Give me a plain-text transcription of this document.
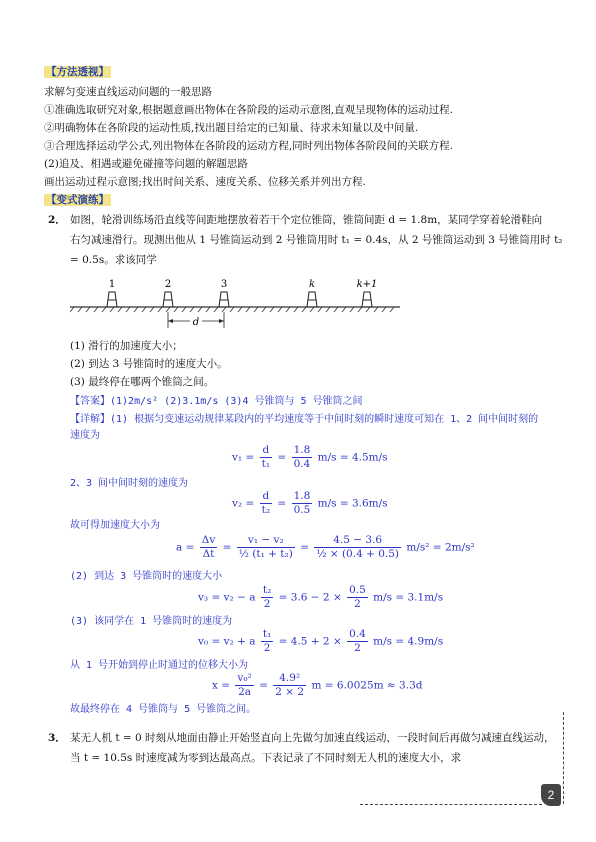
【方法透视】
求解匀变速直线运动问题的一般思路
①准确选取研究对象,根据题意画出物体在各阶段的运动示意图,直观呈现物体的运动过程.
②明确物体在各阶段的运动性质,找出题目给定的已知量、待求未知量以及中间量.
③合理选择运动学公式,列出物体在各阶段的运动方程,同时列出物体各阶段间的关联方程.
(2)追及、相遇或避免碰撞等问题的解题思路
画出运动过程示意图;找出时间关系、速度关系、位移关系并列出方程.
【变式演练】
2． 如图，轮滑训练场沿直线等间距地摆放着若干个定位锥筒，锥筒间距 d = 1.8m，某同学穿着轮滑鞋向
右匀减速滑行。现测出他从 1 号锥筒运动到 2 号锥筒用时 t₁ = 0.4s，从 2 号锥筒运动到 3 号锥筒用时 t₂
= 0.5s。求该同学
1	2	3	k	k+1
d
(1) 滑行的加速度大小；
(2) 到达 3 号锥筒时的速度大小。
(3) 最终停在哪两个锥筒之间。
【答案】(1)2m/s² (2)3.1m/s (3)4 号锥筒与 5 号锥筒之间
【详解】(1) 根据匀变速运动规律某段内的平均速度等于中间时刻的瞬时速度可知在 1、2 间中间时刻的
速度为
$v_1 = \frac{d}{\text{t₁}} = \frac{1.8}{0.4} m/s = 4.5m/s$
2、3 间中间时刻的速度为
$v_2 = \frac{d}{\text{t₂}} = \frac{1.8}{0.5} m/s = 3.6m/s$
故可得加速度大小为
$a = \frac{\Delta v}{\Delta t} = \frac{\text{v₁ − v₂}}{\text{½ (t₁ + t₂)}} = \frac{4.5 - 3.6}{\text{½ × (0.4 + 0.5)}} m/s^2 = 2m/s^2$
(2) 到达 3 号锥筒时的速度大小
v₃ = v₂ − a $\frac{\text{t₂}}{2} = 3.6 - 2 \times \frac{0.5}{2} m/s = 3.1m/s$
(3) 该同学在 1 号锥筒时的速度为
v₀ = v₂ + a $\frac{\text{t₁}}{2} = 4.5 + 2 \times \frac{0.4}{2} m/s = 4.9m/s$
从 1 号开始到停止时通过的位移大小为
$x = \frac{\text{v₀²}}{2a} = \frac{\text{4.9²}}{2 \times 2}$ m = 6.0025m ≈ 3.3d
故最终停在 4 号锥筒与 5 号锥筒之间。
3． 某无人机 t = 0 时刻从地面由静止开始竖直向上先做匀加速直线运动，一段时间后再做匀减速直线运动，
当 t = 10.5s 时速度减为零到达最高点。下表记录了不同时刻无人机的速度大小，求
2
